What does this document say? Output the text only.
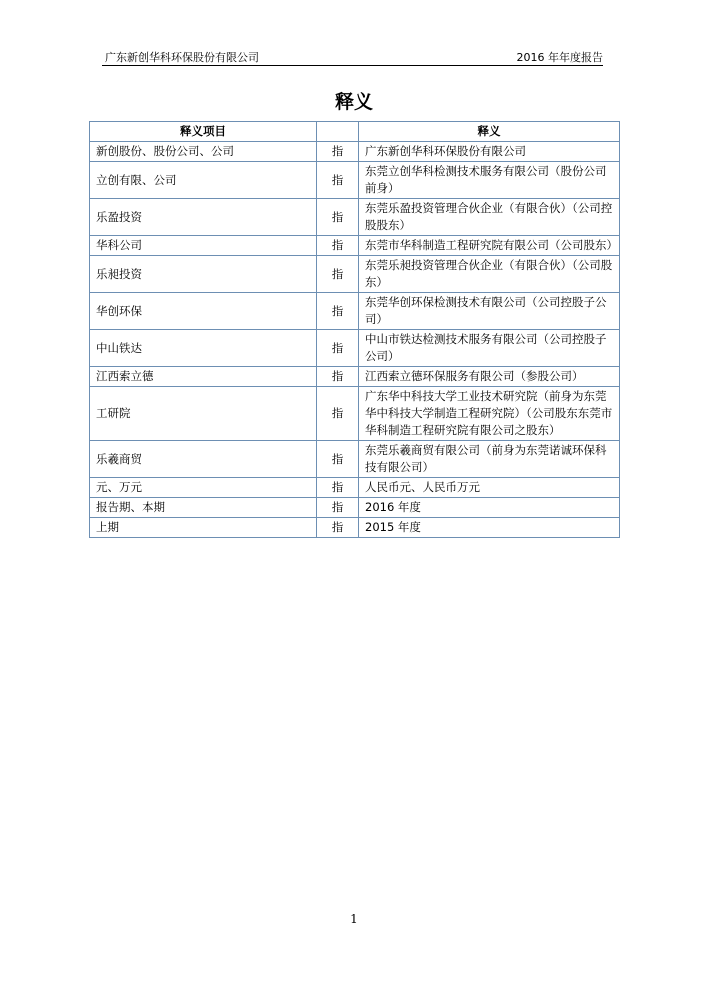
广东新创华科环保股份有限公司	2016 年年度报告
释义
释义项目		释义
新创股份、股份公司、公司	指	广东新创华科环保股份有限公司
立创有限、公司	指	东莞立创华科检测技术服务有限公司（股份公司前身）
乐盈投资	指	东莞乐盈投资管理合伙企业（有限合伙）（公司控股股东）
华科公司	指	东莞市华科制造工程研究院有限公司（公司股东）
乐昶投资	指	东莞乐昶投资管理合伙企业（有限合伙）（公司股东）
华创环保	指	东莞华创环保检测技术有限公司（公司控股子公司）
中山铁达	指	中山市铁达检测技术服务有限公司（公司控股子公司）
江西索立德	指	江西索立德环保服务有限公司（参股公司）
工研院	指	广东华中科技大学工业技术研究院（前身为东莞华中科技大学制造工程研究院）（公司股东东莞市华科制造工程研究院有限公司之股东）
乐羲商贸	指	东莞乐羲商贸有限公司（前身为东莞诺诚环保科技有限公司）
元、万元	指	人民币元、人民币万元
报告期、本期	指	2016 年度
上期	指	2015 年度
1
